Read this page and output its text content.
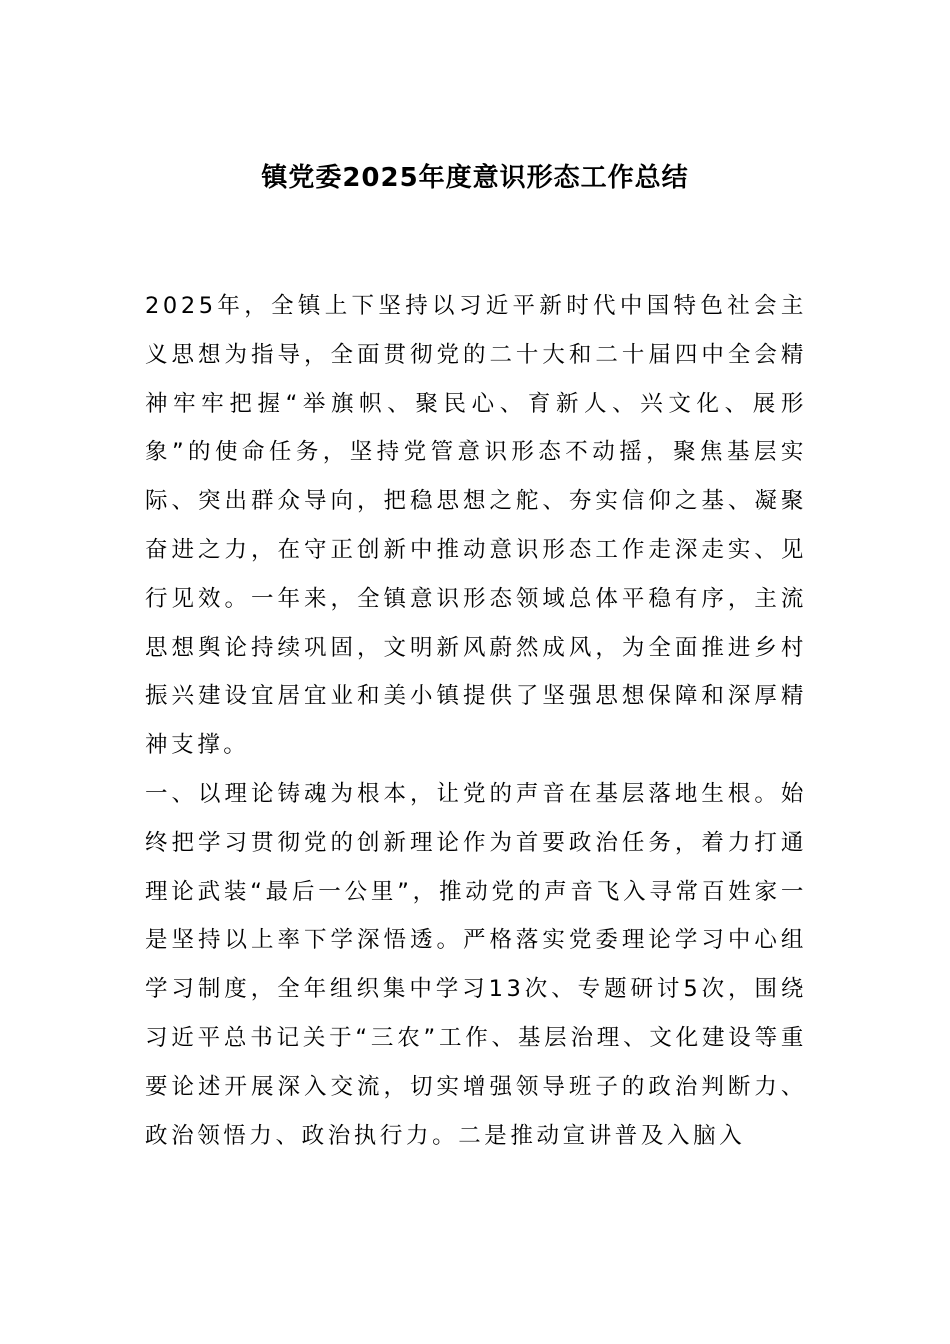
镇党委2025年度意识形态工作总结

2025年，全镇上下坚持以习近平新时代中国特色社会主义思想为指导，全面贯彻党的二十大和二十届四中全会精神牢牢把握“举旗帜、聚民心、育新人、兴文化、展形象”的使命任务，坚持党管意识形态不动摇，聚焦基层实际、突出群众导向，把稳思想之舵、夯实信仰之基、凝聚奋进之力，在守正创新中推动意识形态工作走深走实、见行见效。一年来，全镇意识形态领域总体平稳有序，主流思想舆论持续巩固，文明新风蔚然成风，为全面推进乡村振兴建设宜居宜业和美小镇提供了坚强思想保障和深厚精神支撑。

一、以理论铸魂为根本，让党的声音在基层落地生根。始终把学习贯彻党的创新理论作为首要政治任务，着力打通理论武装“最后一公里”，推动党的声音飞入寻常百姓家一是坚持以上率下学深悟透。严格落实党委理论学习中心组学习制度，全年组织集中学习13次、专题研讨5次，围绕习近平总书记关于“三农”工作、基层治理、文化建设等重要论述开展深入交流，切实增强领导班子的政治判断力、政治领悟力、政治执行力。二是推动宣讲普及入脑入
